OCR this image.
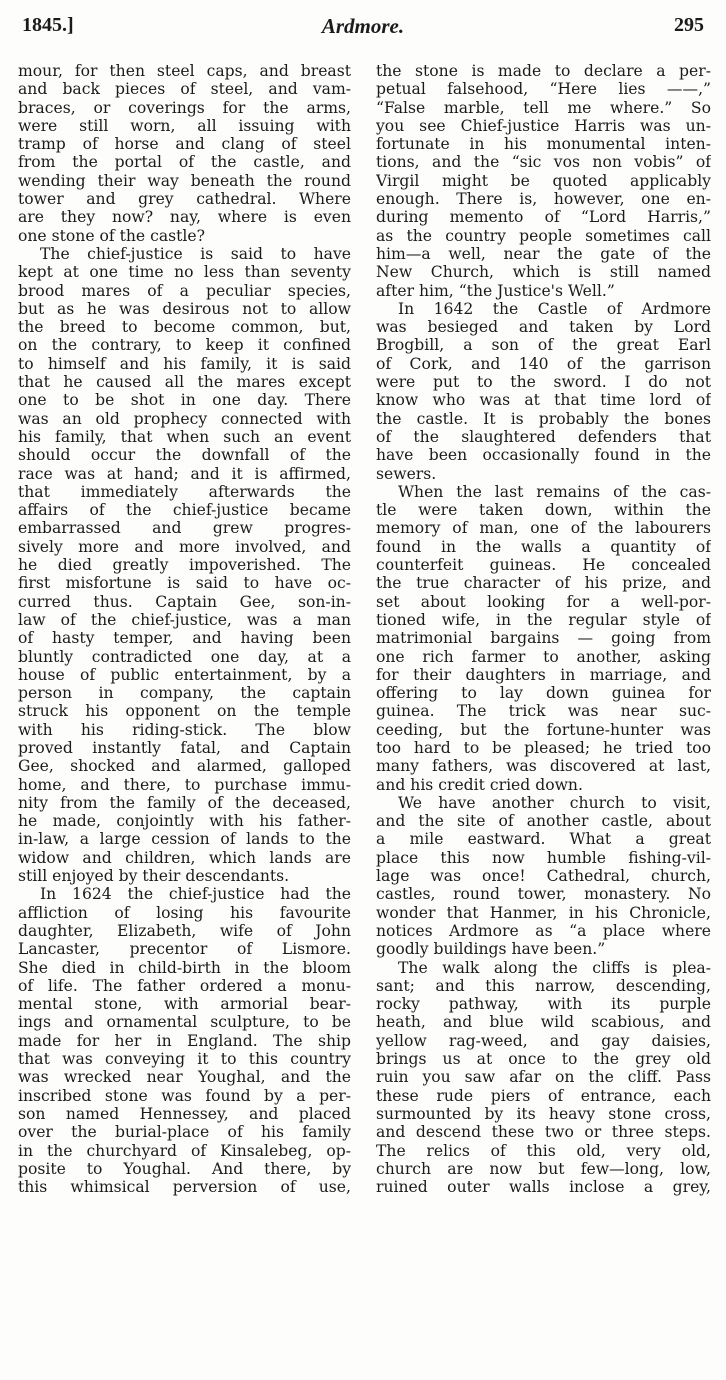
1845.]	Ardmore.	295
mour, for then steel caps, and breast
and back pieces of steel, and vam-
braces, or coverings for the arms,
were still worn, all issuing with
tramp of horse and clang of steel
from the portal of the castle, and
wending their way beneath the round
tower and grey cathedral. Where
are they now? nay, where is even
one stone of the castle?
The chief-justice is said to have
kept at one time no less than seventy
brood mares of a peculiar species,
but as he was desirous not to allow
the breed to become common, but,
on the contrary, to keep it confined
to himself and his family, it is said
that he caused all the mares except
one to be shot in one day. There
was an old prophecy connected with
his family, that when such an event
should occur the downfall of the
race was at hand; and it is affirmed,
that immediately afterwards the
affairs of the chief-justice became
embarrassed and grew progres-
sively more and more involved, and
he died greatly impoverished. The
first misfortune is said to have oc-
curred thus. Captain Gee, son-in-
law of the chief-justice, was a man
of hasty temper, and having been
bluntly contradicted one day, at a
house of public entertainment, by a
person in company, the captain
struck his opponent on the temple
with his riding-stick. The blow
proved instantly fatal, and Captain
Gee, shocked and alarmed, galloped
home, and there, to purchase immu-
nity from the family of the deceased,
he made, conjointly with his father-
in-law, a large cession of lands to the
widow and children, which lands are
still enjoyed by their descendants.
In 1624 the chief-justice had the
affliction of losing his favourite
daughter, Elizabeth, wife of John
Lancaster, precentor of Lismore.
She died in child-birth in the bloom
of life. The father ordered a monu-
mental stone, with armorial bear-
ings and ornamental sculpture, to be
made for her in England. The ship
that was conveying it to this country
was wrecked near Youghal, and the
inscribed stone was found by a per-
son named Hennessey, and placed
over the burial-place of his family
in the churchyard of Kinsalebeg, op-
posite to Youghal. And there, by
this whimsical perversion of use,
the stone is made to declare a per-
petual falsehood, “Here lies ——,”
“False marble, tell me where.” So
you see Chief-justice Harris was un-
fortunate in his monumental inten-
tions, and the “sic vos non vobis” of
Virgil might be quoted applicably
enough. There is, however, one en-
during memento of “Lord Harris,”
as the country people sometimes call
him—a well, near the gate of the
New Church, which is still named
after him, “the Justice's Well.”
In 1642 the Castle of Ardmore
was besieged and taken by Lord
Brogbill, a son of the great Earl
of Cork, and 140 of the garrison
were put to the sword. I do not
know who was at that time lord of
the castle. It is probably the bones
of the slaughtered defenders that
have been occasionally found in the
sewers.
When the last remains of the cas-
tle were taken down, within the
memory of man, one of the labourers
found in the walls a quantity of
counterfeit guineas. He concealed
the true character of his prize, and
set about looking for a well-por-
tioned wife, in the regular style of
matrimonial bargains — going from
one rich farmer to another, asking
for their daughters in marriage, and
offering to lay down guinea for
guinea. The trick was near suc-
ceeding, but the fortune-hunter was
too hard to be pleased; he tried too
many fathers, was discovered at last,
and his credit cried down.
We have another church to visit,
and the site of another castle, about
a mile eastward. What a great
place this now humble fishing-vil-
lage was once! Cathedral, church,
castles, round tower, monastery. No
wonder that Hanmer, in his Chronicle,
notices Ardmore as “a place where
goodly buildings have been.”
The walk along the cliffs is plea-
sant; and this narrow, descending,
rocky pathway, with its purple
heath, and blue wild scabious, and
yellow rag-weed, and gay daisies,
brings us at once to the grey old
ruin you saw afar on the cliff. Pass
these rude piers of entrance, each
surmounted by its heavy stone cross,
and descend these two or three steps.
The relics of this old, very old,
church are now but few—long, low,
ruined outer walls inclose a grey,
